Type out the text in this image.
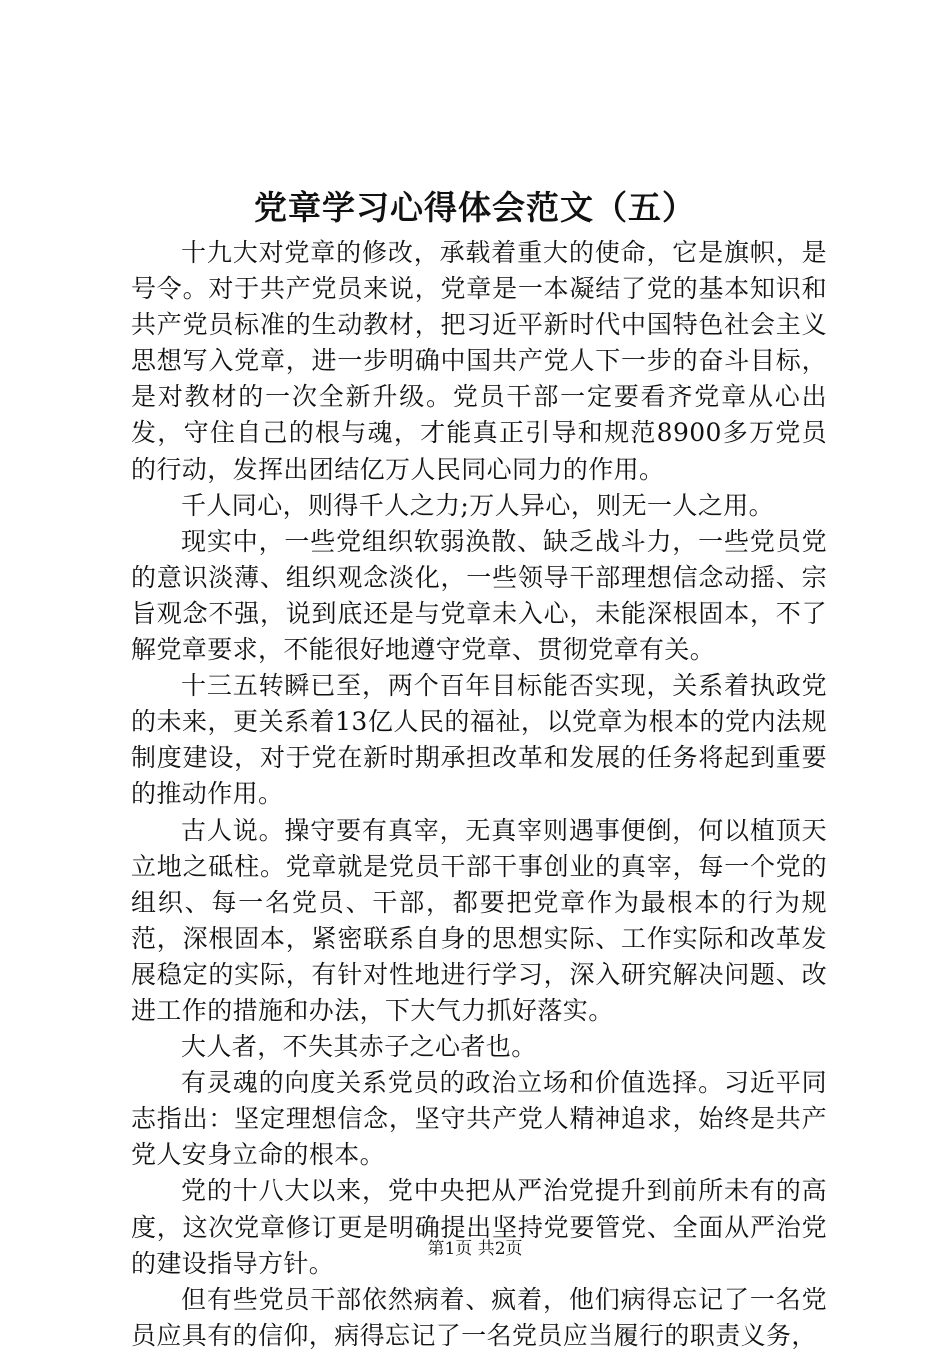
党章学习心得体会范文（五）

十九大对党章的修改，承载着重大的使命，它是旗帜，是号令。对于共产党员来说，党章是一本凝结了党的基本知识和共产党员标准的生动教材，把习近平新时代中国特色社会主义思想写入党章，进一步明确中国共产党人下一步的奋斗目标，是对教材的一次全新升级。党员干部一定要看齐党章从心出发，守住自己的根与魂，才能真正引导和规范8900多万党员的行动，发挥出团结亿万人民同心同力的作用。

千人同心，则得千人之力;万人异心，则无一人之用。

现实中，一些党组织软弱涣散、缺乏战斗力，一些党员党的意识淡薄、组织观念淡化，一些领导干部理想信念动摇、宗旨观念不强，说到底还是与党章未入心，未能深根固本，不了解党章要求，不能很好地遵守党章、贯彻党章有关。

十三五转瞬已至，两个百年目标能否实现，关系着执政党的未来，更关系着13亿人民的福祉，以党章为根本的党内法规制度建设，对于党在新时期承担改革和发展的任务将起到重要的推动作用。

古人说。操守要有真宰，无真宰则遇事便倒，何以植顶天立地之砥柱。党章就是党员干部干事创业的真宰，每一个党的组织、每一名党员、干部，都要把党章作为最根本的行为规范，深根固本，紧密联系自身的思想实际、工作实际和改革发展稳定的实际，有针对性地进行学习，深入研究解决问题、改进工作的措施和办法，下大气力抓好落实。

大人者，不失其赤子之心者也。

有灵魂的向度关系党员的政治立场和价值选择。习近平同志指出：坚定理想信念，坚守共产党人精神追求，始终是共产党人安身立命的根本。

党的十八大以来，党中央把从严治党提升到前所未有的高度，这次党章修订更是明确提出坚持党要管党、全面从严治党的建设指导方针。

但有些党员干部依然病着、疯着，他们病得忘记了一名党员应具有的信仰，病得忘记了一名党员应当履行的职责义务，

第1页 共2页
